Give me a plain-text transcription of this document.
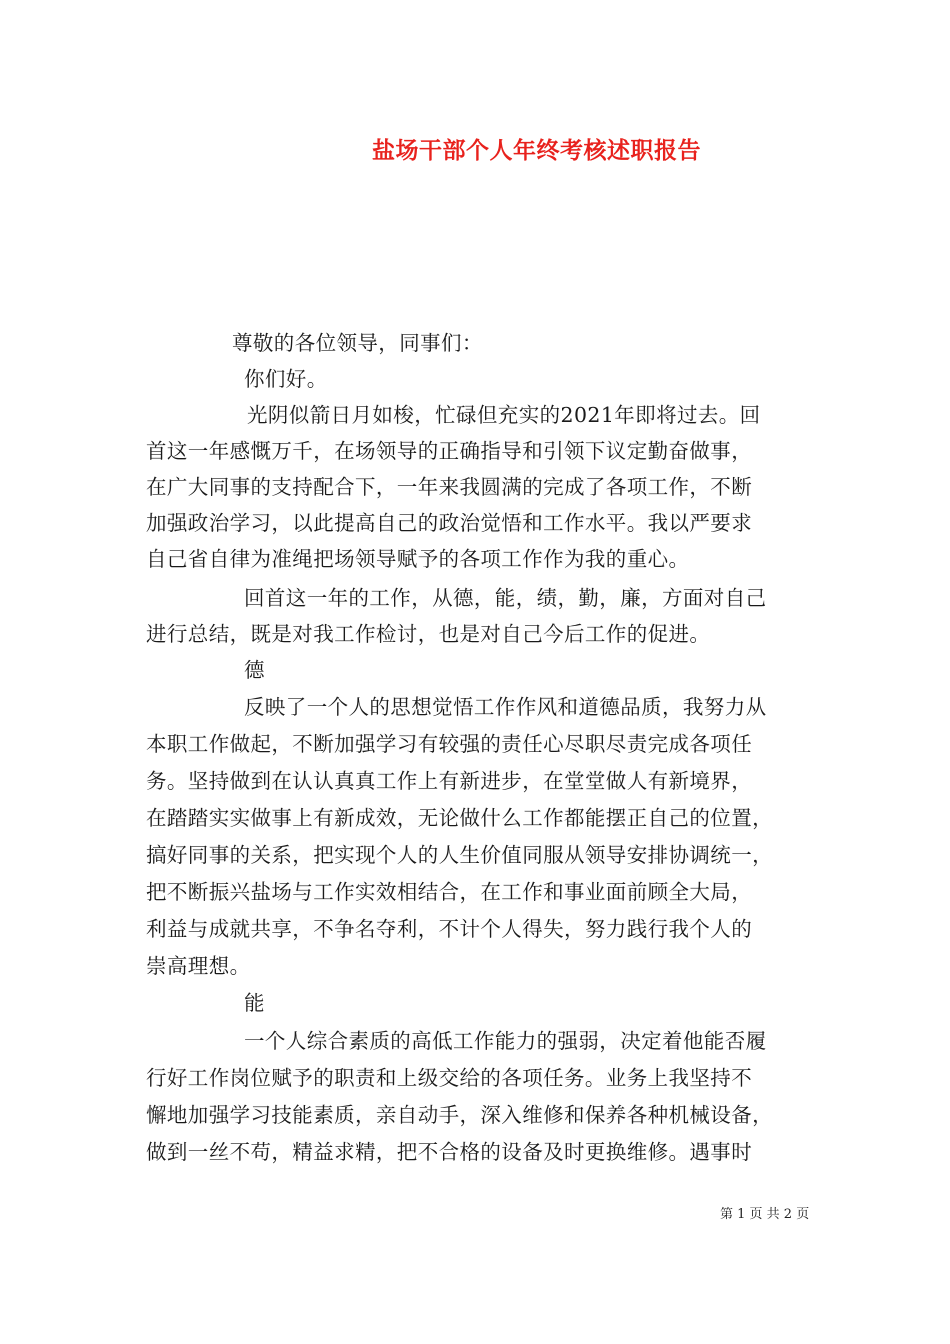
盐场干部个人年终考核述职报告
尊敬的各位领导，同事们：
你们好。
光阴似箭日月如梭，忙碌但充实的2021年即将过去。回
首这一年感慨万千，在场领导的正确指导和引领下议定勤奋做事，
在广大同事的支持配合下，一年来我圆满的完成了各项工作，不断
加强政治学习，以此提高自己的政治觉悟和工作水平。我以严要求
自己省自律为准绳把场领导赋予的各项工作作为我的重心。
回首这一年的工作，从德，能，绩，勤，廉，方面对自己
进行总结，既是对我工作检讨，也是对自己今后工作的促进。
德
反映了一个人的思想觉悟工作作风和道德品质，我努力从
本职工作做起，不断加强学习有较强的责任心尽职尽责完成各项任
务。坚持做到在认认真真工作上有新进步，在堂堂做人有新境界，
在踏踏实实做事上有新成效，无论做什么工作都能摆正自己的位置，
搞好同事的关系，把实现个人的人生价值同服从领导安排协调统一，
把不断振兴盐场与工作实效相结合，在工作和事业面前顾全大局，
利益与成就共享，不争名夺利，不计个人得失，努力践行我个人的
崇高理想。
能
一个人综合素质的高低工作能力的强弱，决定着他能否履
行好工作岗位赋予的职责和上级交给的各项任务。业务上我坚持不
懈地加强学习技能素质，亲自动手，深入维修和保养各种机械设备，
做到一丝不苟，精益求精，把不合格的设备及时更换维修。遇事时
第 1 页 共 2 页
